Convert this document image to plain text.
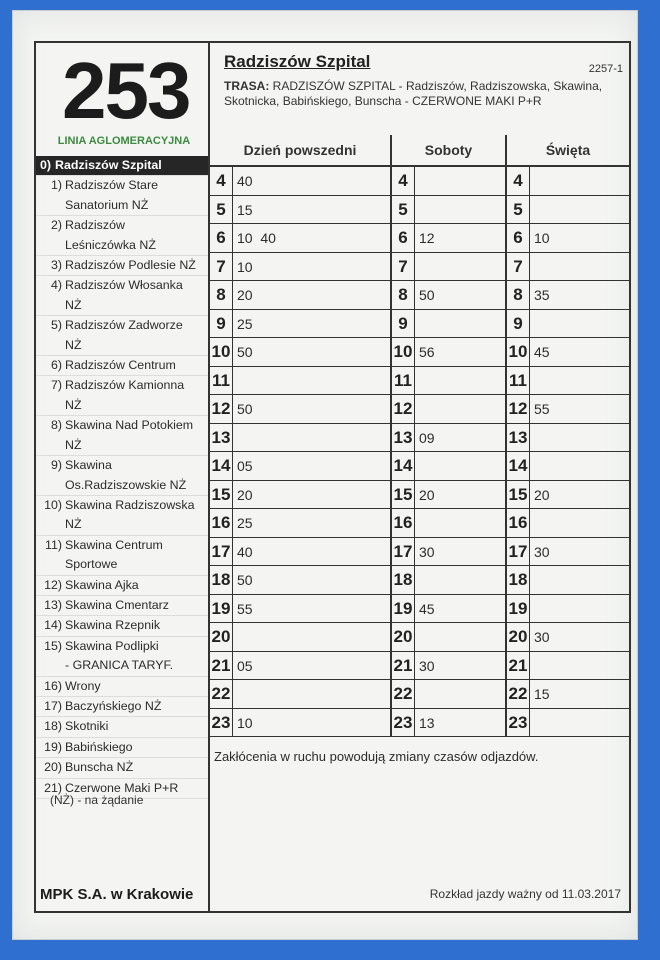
253
LINIA AGLOMERACYJNA
0) Radziszów Szpital
1) Radziszów Stare
Sanatorium NŻ
2) Radziszów
Leśniczówka NŻ
3) Radziszów Podlesie NŻ
4) Radziszów Włosanka
NŻ
5) Radziszów Zadworze
NŻ
6) Radziszów Centrum
7) Radziszów Kamionna
NŻ
8) Skawina Nad Potokiem
NŻ
9) Skawina
Os.Radziszowskie NŻ
10) Skawina Radziszowska
NŻ
11) Skawina Centrum
Sportowe
12) Skawina Ajka
13) Skawina Cmentarz
14) Skawina Rzepnik
15) Skawina Podlipki
- GRANICA TARYF.
16) Wrony
17) Baczyńskiego NŻ
18) Skotniki
19) Babińskiego
20) Bunscha NŻ
21) Czerwone Maki P+R
(NŻ) - na żądanie
MPK S.A. w Krakowie
Radziszów Szpital	2257-1
TRASA: RADZISZÓW SZPITAL - Radziszów, Radziszowska, Skawina, Skotnicka, Babińskiego, Bunscha - CZERWONE MAKI P+R
Dzień powszedni	Soboty	Święta
4 40	4	4
5 15	5	5
6 10  40	6 12	6 10
7 10	7	7
8 20	8 50	8 35
9 25	9	9
10 50	10 56	10 45
11	11	11
12 50	12	12 55
13	13 09	13
14 05	14	14
15 20	15 20	15 20
16 25	16	16
17 40	17 30	17 30
18 50	18	18
19 55	19 45	19
20	20	20 30
21 05	21 30	21
22	22	22 15
23 10	23 13	23
Zakłócenia w ruchu powodują zmiany czasów odjazdów.
Rozkład jazdy ważny od 11.03.2017
